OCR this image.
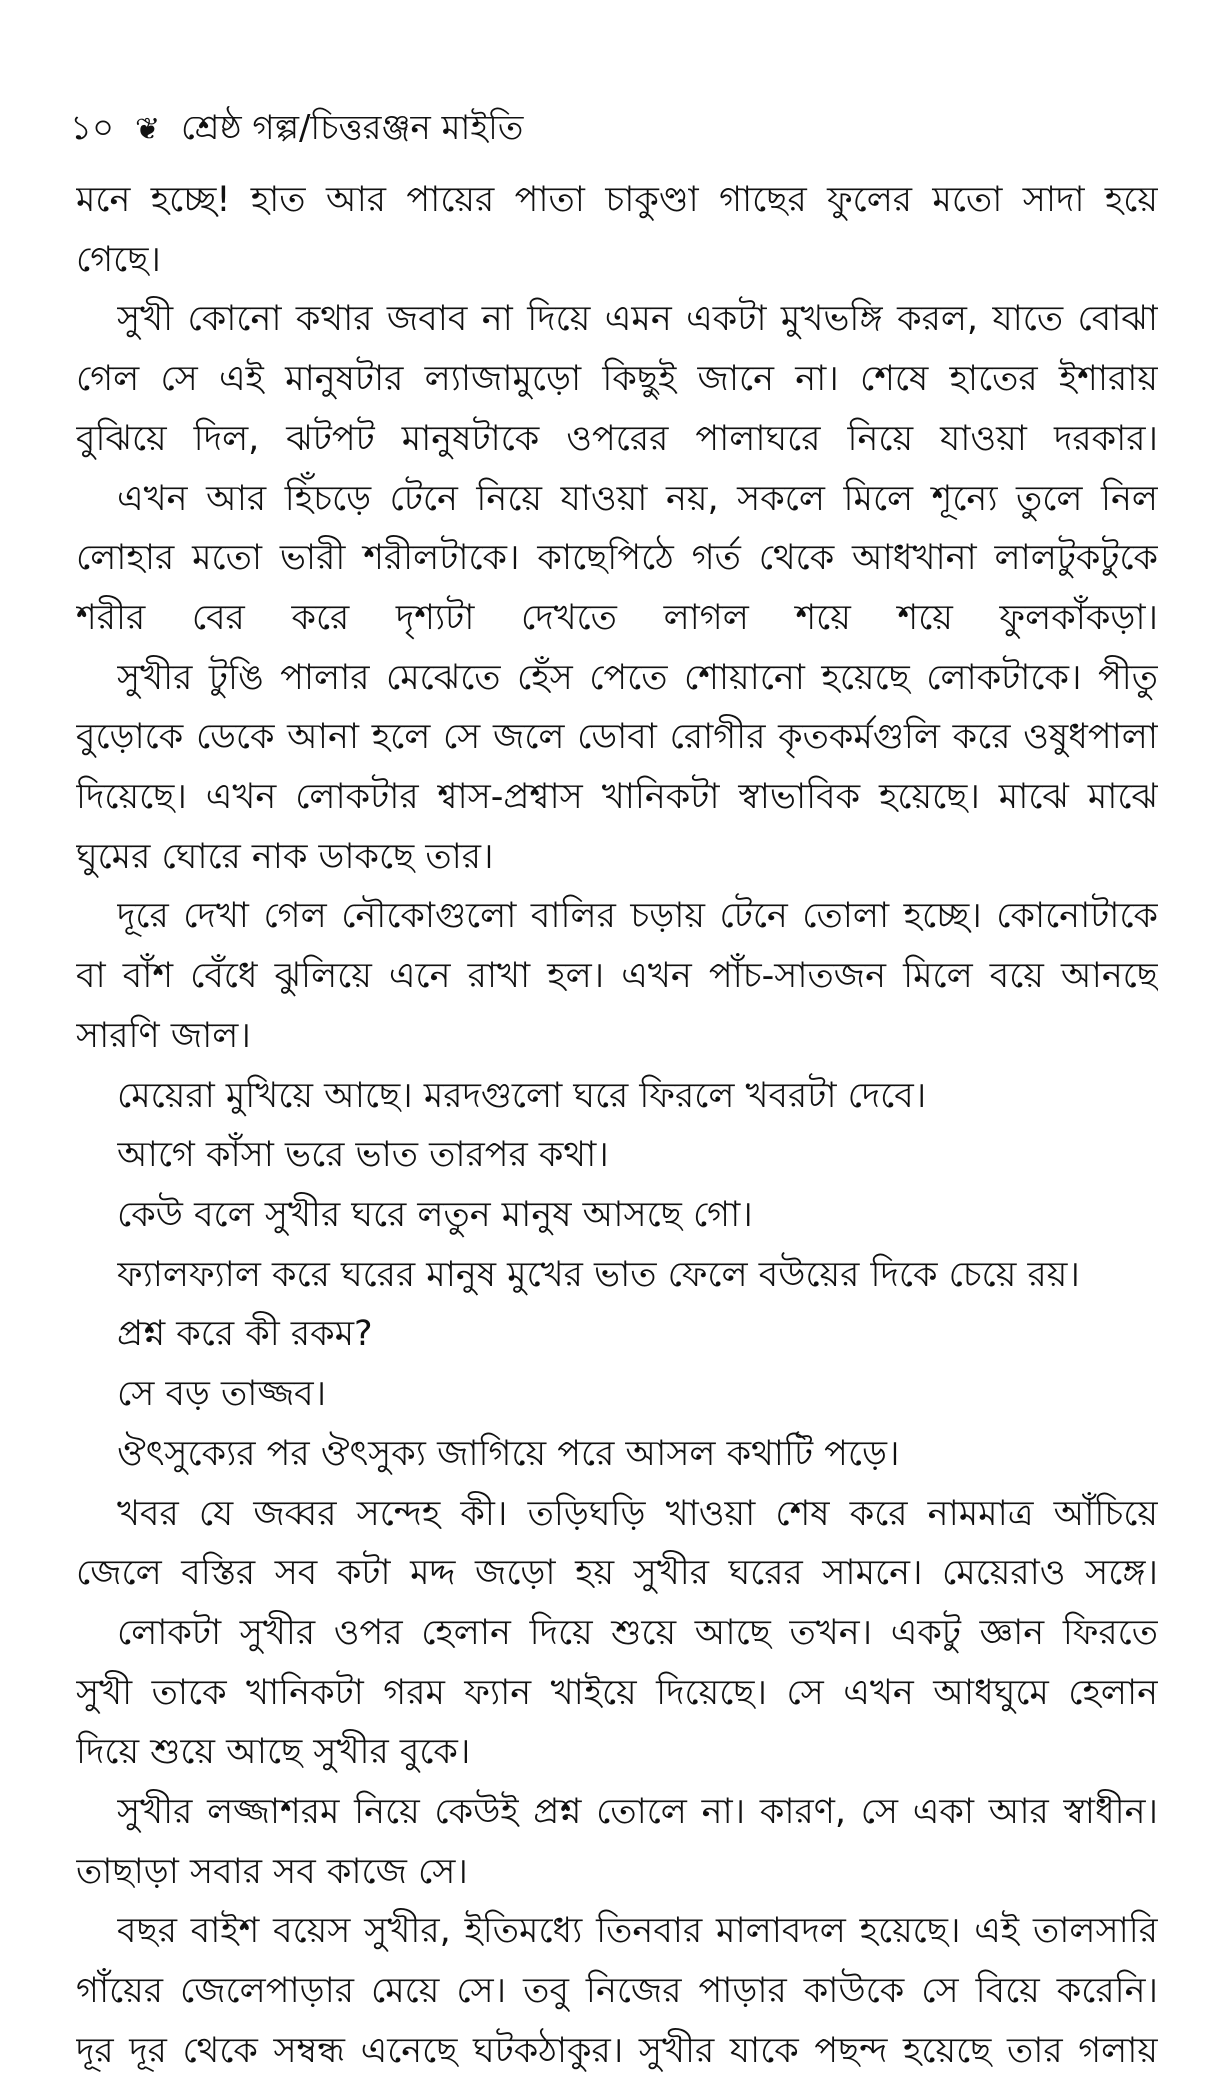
১০ ❦ শ্রেষ্ঠ গল্প/চিত্তরঞ্জন মাইতি
মনে হচ্ছে! হাত আর পায়ের পাতা চাকুণ্ডা গাছের ফুলের মতো সাদা হয়ে
গেছে।
সুখী কোনো কথার জবাব না দিয়ে এমন একটা মুখভঙ্গি করল, যাতে বোঝা
গেল সে এই মানুষটার ল্যাজামুড়ো কিছুই জানে না। শেষে হাতের ইশারায়
বুঝিয়ে দিল, ঝটপট মানুষটাকে ওপরের পালাঘরে নিয়ে যাওয়া দরকার।
এখন আর হিঁচড়ে টেনে নিয়ে যাওয়া নয়, সকলে মিলে শূন্যে তুলে নিল
লোহার মতো ভারী শরীলটাকে। কাছেপিঠে গর্ত থেকে আধখানা লালটুকটুকে
শরীর বের করে দৃশ্যটা দেখতে লাগল শয়ে শয়ে ফুলকাঁকড়া।
সুখীর টুঙি পালার মেঝেতে হেঁস পেতে শোয়ানো হয়েছে লোকটাকে। পীতু
বুড়োকে ডেকে আনা হলে সে জলে ডোবা রোগীর কৃতকর্মগুলি করে ওষুধপালা
দিয়েছে। এখন লোকটার শ্বাস-প্রশ্বাস খানিকটা স্বাভাবিক হয়েছে। মাঝে মাঝে
ঘুমের ঘোরে নাক ডাকছে তার।
দূরে দেখা গেল নৌকোগুলো বালির চড়ায় টেনে তোলা হচ্ছে। কোনোটাকে
বা বাঁশ বেঁধে ঝুলিয়ে এনে রাখা হল। এখন পাঁচ-সাতজন মিলে বয়ে আনছে
সারণি জাল।
মেয়েরা মুখিয়ে আছে। মরদগুলো ঘরে ফিরলে খবরটা দেবে।
আগে কাঁসা ভরে ভাত তারপর কথা।
কেউ বলে সুখীর ঘরে লতুন মানুষ আসছে গো।
ফ্যালফ্যাল করে ঘরের মানুষ মুখের ভাত ফেলে বউয়ের দিকে চেয়ে রয়।
প্রশ্ন করে কী রকম?
সে বড় তাজ্জব।
ঔৎসুক্যের পর ঔৎসুক্য জাগিয়ে পরে আসল কথাটি পড়ে।
খবর যে জব্বর সন্দেহ কী। তড়িঘড়ি খাওয়া শেষ করে নামমাত্র আঁচিয়ে
জেলে বস্তির সব কটা মদ্দ জড়ো হয় সুখীর ঘরের সামনে। মেয়েরাও সঙ্গে।
লোকটা সুখীর ওপর হেলান দিয়ে শুয়ে আছে তখন। একটু জ্ঞান ফিরতে
সুখী তাকে খানিকটা গরম ফ্যান খাইয়ে দিয়েছে। সে এখন আধঘুমে হেলান
দিয়ে শুয়ে আছে সুখীর বুকে।
সুখীর লজ্জাশরম নিয়ে কেউই প্রশ্ন তোলে না। কারণ, সে একা আর স্বাধীন।
তাছাড়া সবার সব কাজে সে।
বছর বাইশ বয়েস সুখীর, ইতিমধ্যে তিনবার মালাবদল হয়েছে। এই তালসারি
গাঁয়ের জেলেপাড়ার মেয়ে সে। তবু নিজের পাড়ার কাউকে সে বিয়ে করেনি।
দূর দূর থেকে সম্বন্ধ এনেছে ঘটকঠাকুর। সুখীর যাকে পছন্দ হয়েছে তার গলায়
